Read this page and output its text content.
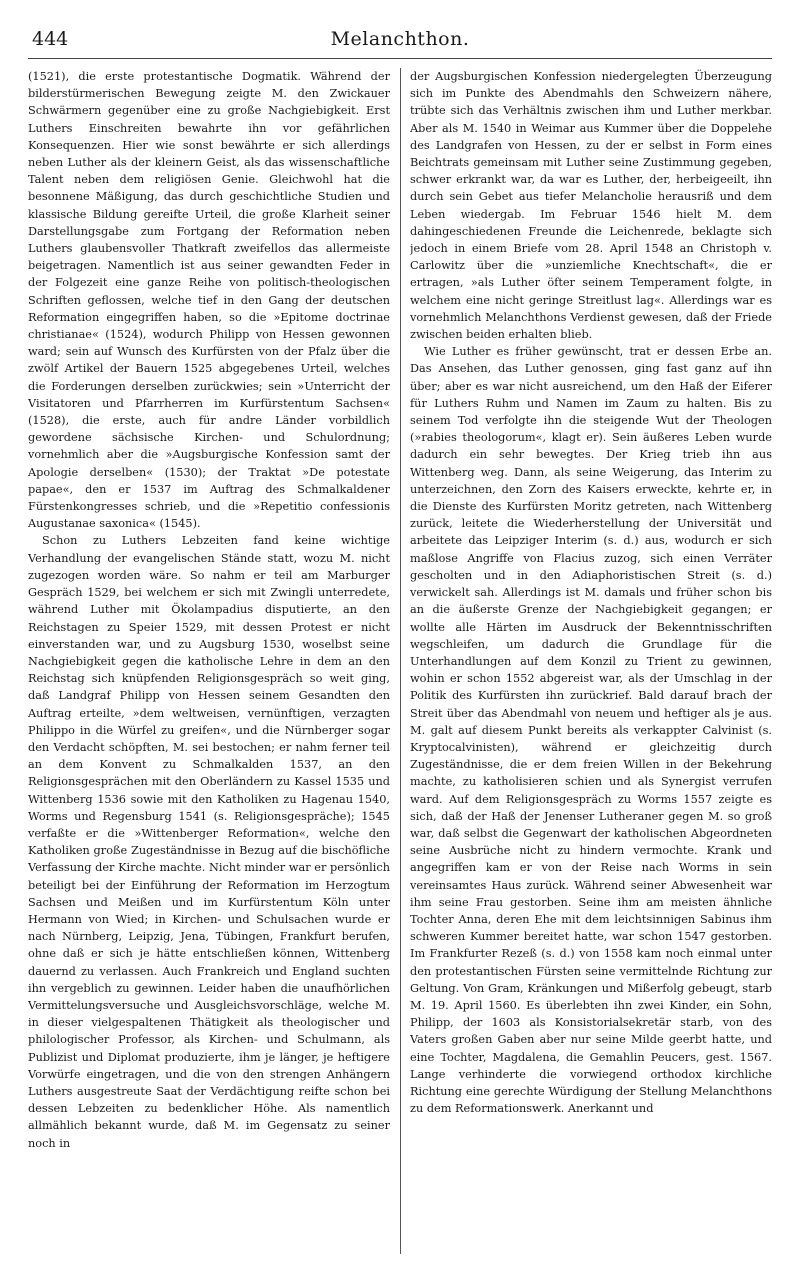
444	Melanchthon.

(1521), die erste protestantische Dogmatik. Während der bilderstürmerischen Bewegung zeigte M. den Zwickauer Schwärmern gegenüber eine zu große Nachgiebigkeit. Erst Luthers Einschreiten bewahrte ihn vor gefährlichen Konsequenzen. Hier wie sonst bewährte er sich allerdings neben Luther als der kleinern Geist, als das wissenschaftliche Talent neben dem religiösen Genie. Gleichwohl hat die besonnene Mäßigung, das durch geschichtliche Studien und klassische Bildung gereifte Urteil, die große Klarheit seiner Darstellungsgabe zum Fortgang der Reformation neben Luthers glaubensvoller Thatkraft zweifellos das allermeiste beigetragen. Namentlich ist aus seiner gewandten Feder in der Folgezeit eine ganze Reihe von politisch-theologischen Schriften geflossen, welche tief in den Gang der deutschen Reformation eingegriffen haben, so die »Epitome doctrinae christianae« (1524), wodurch Philipp von Hessen gewonnen ward; sein auf Wunsch des Kurfürsten von der Pfalz über die zwölf Artikel der Bauern 1525 abgegebenes Urteil, welches die Forderungen derselben zurückwies; sein »Unterricht der Visitatoren und Pfarrherren im Kurfürstentum Sachsen« (1528), die erste, auch für andre Länder vorbildlich gewordene sächsische Kirchen- und Schulordnung; vornehmlich aber die »Augsburgische Konfession samt der Apologie derselben« (1530); der Traktat »De potestate papae«, den er 1537 im Auftrag des Schmalkaldener Fürstenkongresses schrieb, und die »Repetitio confessionis Augustanae saxonica« (1545).

Schon zu Luthers Lebzeiten fand keine wichtige Verhandlung der evangelischen Stände statt, wozu M. nicht zugezogen worden wäre. So nahm er teil am Marburger Gespräch 1529, bei welchem er sich mit Zwingli unterredete, während Luther mit Ökolampadius disputierte, an den Reichstagen zu Speier 1529, mit dessen Protest er nicht einverstanden war, und zu Augsburg 1530, woselbst seine Nachgiebigkeit gegen die katholische Lehre in dem an den Reichstag sich knüpfenden Religionsgespräch so weit ging, daß Landgraf Philipp von Hessen seinem Gesandten den Auftrag erteilte, »dem weltweisen, vernünftigen, verzagten Philippo in die Würfel zu greifen«, und die Nürnberger sogar den Verdacht schöpften, M. sei bestochen; er nahm ferner teil an dem Konvent zu Schmalkalden 1537, an den Religionsgesprächen mit den Oberländern zu Kassel 1535 und Wittenberg 1536 sowie mit den Katholiken zu Hagenau 1540, Worms und Regensburg 1541 (s. Religionsgespräche); 1545 verfaßte er die »Wittenberger Reformation«, welche den Katholiken große Zugeständnisse in Bezug auf die bischöfliche Verfassung der Kirche machte. Nicht minder war er persönlich beteiligt bei der Einführung der Reformation im Herzogtum Sachsen und Meißen und im Kurfürstentum Köln unter Hermann von Wied; in Kirchen- und Schulsachen wurde er nach Nürnberg, Leipzig, Jena, Tübingen, Frankfurt berufen, ohne daß er sich je hätte entschließen können, Wittenberg dauernd zu verlassen. Auch Frankreich und England suchten ihn vergeblich zu gewinnen. Leider haben die unaufhörlichen Vermittelungsversuche und Ausgleichsvorschläge, welche M. in dieser vielgespaltenen Thätigkeit als theologischer und philologischer Professor, als Kirchen- und Schulmann, als Publizist und Diplomat produzierte, ihm je länger, je heftigere Vorwürfe eingetragen, und die von den strengen Anhängern Luthers ausgestreute Saat der Verdächtigung reifte schon bei dessen Lebzeiten zu bedenklicher Höhe. Als namentlich allmählich bekannt wurde, daß M. im Gegensatz zu seiner noch in

der Augsburgischen Konfession niedergelegten Überzeugung sich im Punkte des Abendmahls den Schweizern nähere, trübte sich das Verhältnis zwischen ihm und Luther merkbar. Aber als M. 1540 in Weimar aus Kummer über die Doppelehe des Landgrafen von Hessen, zu der er selbst in Form eines Beichtrats gemeinsam mit Luther seine Zustimmung gegeben, schwer erkrankt war, da war es Luther, der, herbeigeeilt, ihn durch sein Gebet aus tiefer Melancholie herausriß und dem Leben wiedergab. Im Februar 1546 hielt M. dem dahingeschiedenen Freunde die Leichenrede, beklagte sich jedoch in einem Briefe vom 28. April 1548 an Christoph v. Carlowitz über die »unziemliche Knechtschaft«, die er ertragen, »als Luther öfter seinem Temperament folgte, in welchem eine nicht geringe Streitlust lag«. Allerdings war es vornehmlich Melanchthons Verdienst gewesen, daß der Friede zwischen beiden erhalten blieb.

Wie Luther es früher gewünscht, trat er dessen Erbe an. Das Ansehen, das Luther genossen, ging fast ganz auf ihn über; aber es war nicht ausreichend, um den Haß der Eiferer für Luthers Ruhm und Namen im Zaum zu halten. Bis zu seinem Tod verfolgte ihn die steigende Wut der Theologen (»rabies theologorum«, klagt er). Sein äußeres Leben wurde dadurch ein sehr bewegtes. Der Krieg trieb ihn aus Wittenberg weg. Dann, als seine Weigerung, das Interim zu unterzeichnen, den Zorn des Kaisers erweckte, kehrte er, in die Dienste des Kurfürsten Moritz getreten, nach Wittenberg zurück, leitete die Wiederherstellung der Universität und arbeitete das Leipziger Interim (s. d.) aus, wodurch er sich maßlose Angriffe von Flacius zuzog, sich einen Verräter gescholten und in den Adiaphoristischen Streit (s. d.) verwickelt sah. Allerdings ist M. damals und früher schon bis an die äußerste Grenze der Nachgiebigkeit gegangen; er wollte alle Härten im Ausdruck der Bekenntnisschriften wegschleifen, um dadurch die Grundlage für die Unterhandlungen auf dem Konzil zu Trient zu gewinnen, wohin er schon 1552 abgereist war, als der Umschlag in der Politik des Kurfürsten ihn zurückrief. Bald darauf brach der Streit über das Abendmahl von neuem und heftiger als je aus. M. galt auf diesem Punkt bereits als verkappter Calvinist (s. Kryptocalvinisten), während er gleichzeitig durch Zugeständnisse, die er dem freien Willen in der Bekehrung machte, zu katholisieren schien und als Synergist verrufen ward. Auf dem Religionsgespräch zu Worms 1557 zeigte es sich, daß der Haß der Jenenser Lutheraner gegen M. so groß war, daß selbst die Gegenwart der katholischen Abgeordneten seine Ausbrüche nicht zu hindern vermochte. Krank und angegriffen kam er von der Reise nach Worms in sein vereinsamtes Haus zurück. Während seiner Abwesenheit war ihm seine Frau gestorben. Seine ihm am meisten ähnliche Tochter Anna, deren Ehe mit dem leichtsinnigen Sabinus ihm schweren Kummer bereitet hatte, war schon 1547 gestorben. Im Frankfurter Rezeß (s. d.) von 1558 kam noch einmal unter den protestantischen Fürsten seine vermittelnde Richtung zur Geltung. Von Gram, Kränkungen und Mißerfolg gebeugt, starb M. 19. April 1560. Es überlebten ihn zwei Kinder, ein Sohn, Philipp, der 1603 als Konsistorialsekretär starb, von des Vaters großen Gaben aber nur seine Milde geerbt hatte, und eine Tochter, Magdalena, die Gemahlin Peucers, gest. 1567. Lange verhinderte die vorwiegend orthodox kirchliche Richtung eine gerechte Würdigung der Stellung Melanchthons zu dem Reformationswerk. Anerkannt und
